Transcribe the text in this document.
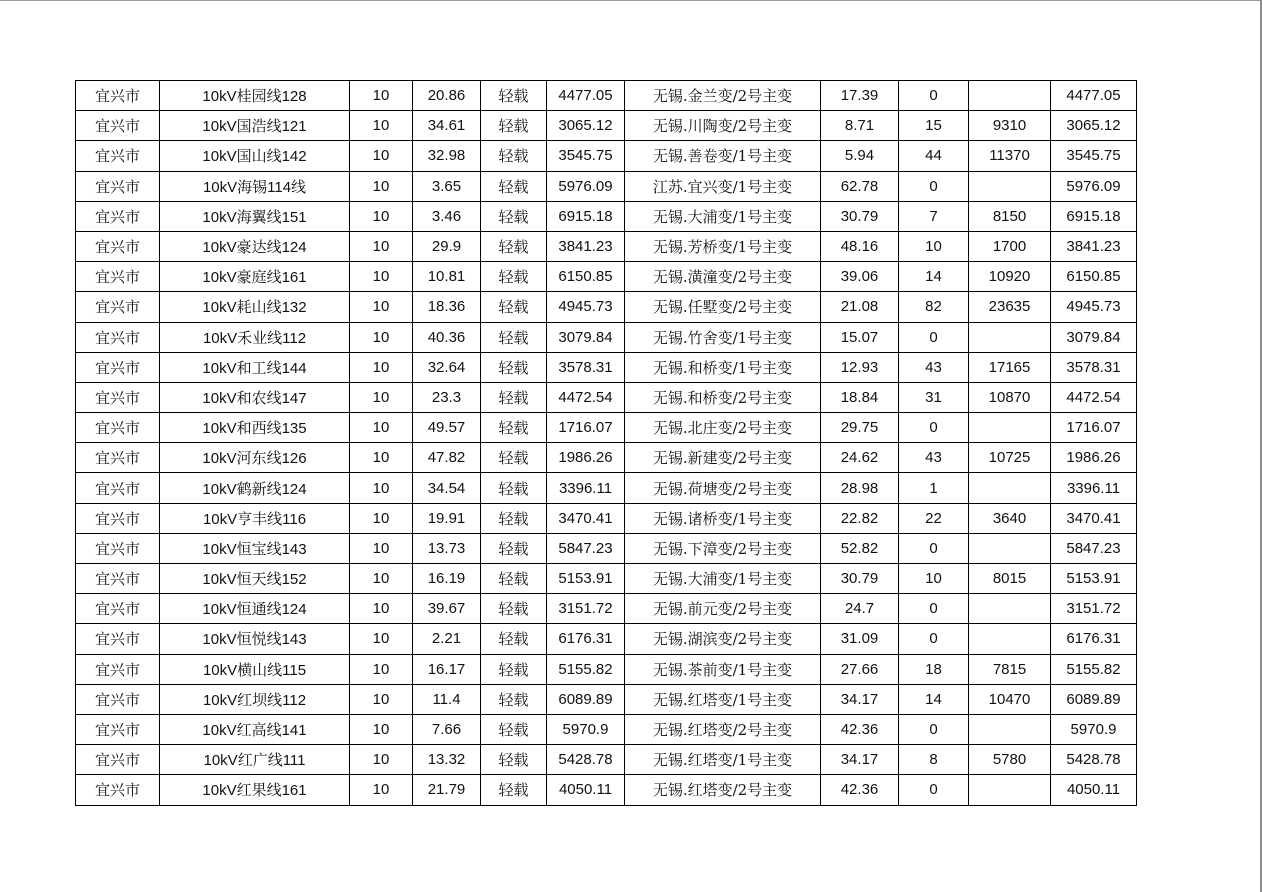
宜兴市	10kV桂园线128	10	20.86	轻载	4477.05	无锡.金兰变/2号主变	17.39	0		4477.05
宜兴市	10kV国浩线121	10	34.61	轻载	3065.12	无锡.川陶变/2号主变	8.71	15	9310	3065.12
宜兴市	10kV国山线142	10	32.98	轻载	3545.75	无锡.善卷变/1号主变	5.94	44	11370	3545.75
宜兴市	10kV海锡114线	10	3.65	轻载	5976.09	江苏.宜兴变/1号主变	62.78	0		5976.09
宜兴市	10kV海翼线151	10	3.46	轻载	6915.18	无锡.大浦变/1号主变	30.79	7	8150	6915.18
宜兴市	10kV豪达线124	10	29.9	轻载	3841.23	无锡.芳桥变/1号主变	48.16	10	1700	3841.23
宜兴市	10kV豪庭线161	10	10.81	轻载	6150.85	无锡.潢潼变/2号主变	39.06	14	10920	6150.85
宜兴市	10kV耗山线132	10	18.36	轻载	4945.73	无锡.任墅变/2号主变	21.08	82	23635	4945.73
宜兴市	10kV禾业线112	10	40.36	轻载	3079.84	无锡.竹舍变/1号主变	15.07	0		3079.84
宜兴市	10kV和工线144	10	32.64	轻载	3578.31	无锡.和桥变/1号主变	12.93	43	17165	3578.31
宜兴市	10kV和农线147	10	23.3	轻载	4472.54	无锡.和桥变/2号主变	18.84	31	10870	4472.54
宜兴市	10kV和西线135	10	49.57	轻载	1716.07	无锡.北庄变/2号主变	29.75	0		1716.07
宜兴市	10kV河东线126	10	47.82	轻载	1986.26	无锡.新建变/2号主变	24.62	43	10725	1986.26
宜兴市	10kV鹤新线124	10	34.54	轻载	3396.11	无锡.荷塘变/2号主变	28.98	1		3396.11
宜兴市	10kV亨丰线116	10	19.91	轻载	3470.41	无锡.诸桥变/1号主变	22.82	22	3640	3470.41
宜兴市	10kV恒宝线143	10	13.73	轻载	5847.23	无锡.下漳变/2号主变	52.82	0		5847.23
宜兴市	10kV恒天线152	10	16.19	轻载	5153.91	无锡.大浦变/1号主变	30.79	10	8015	5153.91
宜兴市	10kV恒通线124	10	39.67	轻载	3151.72	无锡.前元变/2号主变	24.7	0		3151.72
宜兴市	10kV恒悦线143	10	2.21	轻载	6176.31	无锡.湖滨变/2号主变	31.09	0		6176.31
宜兴市	10kV横山线115	10	16.17	轻载	5155.82	无锡.茶前变/1号主变	27.66	18	7815	5155.82
宜兴市	10kV红坝线112	10	11.4	轻载	6089.89	无锡.红塔变/1号主变	34.17	14	10470	6089.89
宜兴市	10kV红高线141	10	7.66	轻载	5970.9	无锡.红塔变/2号主变	42.36	0		5970.9
宜兴市	10kV红广线111	10	13.32	轻载	5428.78	无锡.红塔变/1号主变	34.17	8	5780	5428.78
宜兴市	10kV红果线161	10	21.79	轻载	4050.11	无锡.红塔变/2号主变	42.36	0		4050.11
